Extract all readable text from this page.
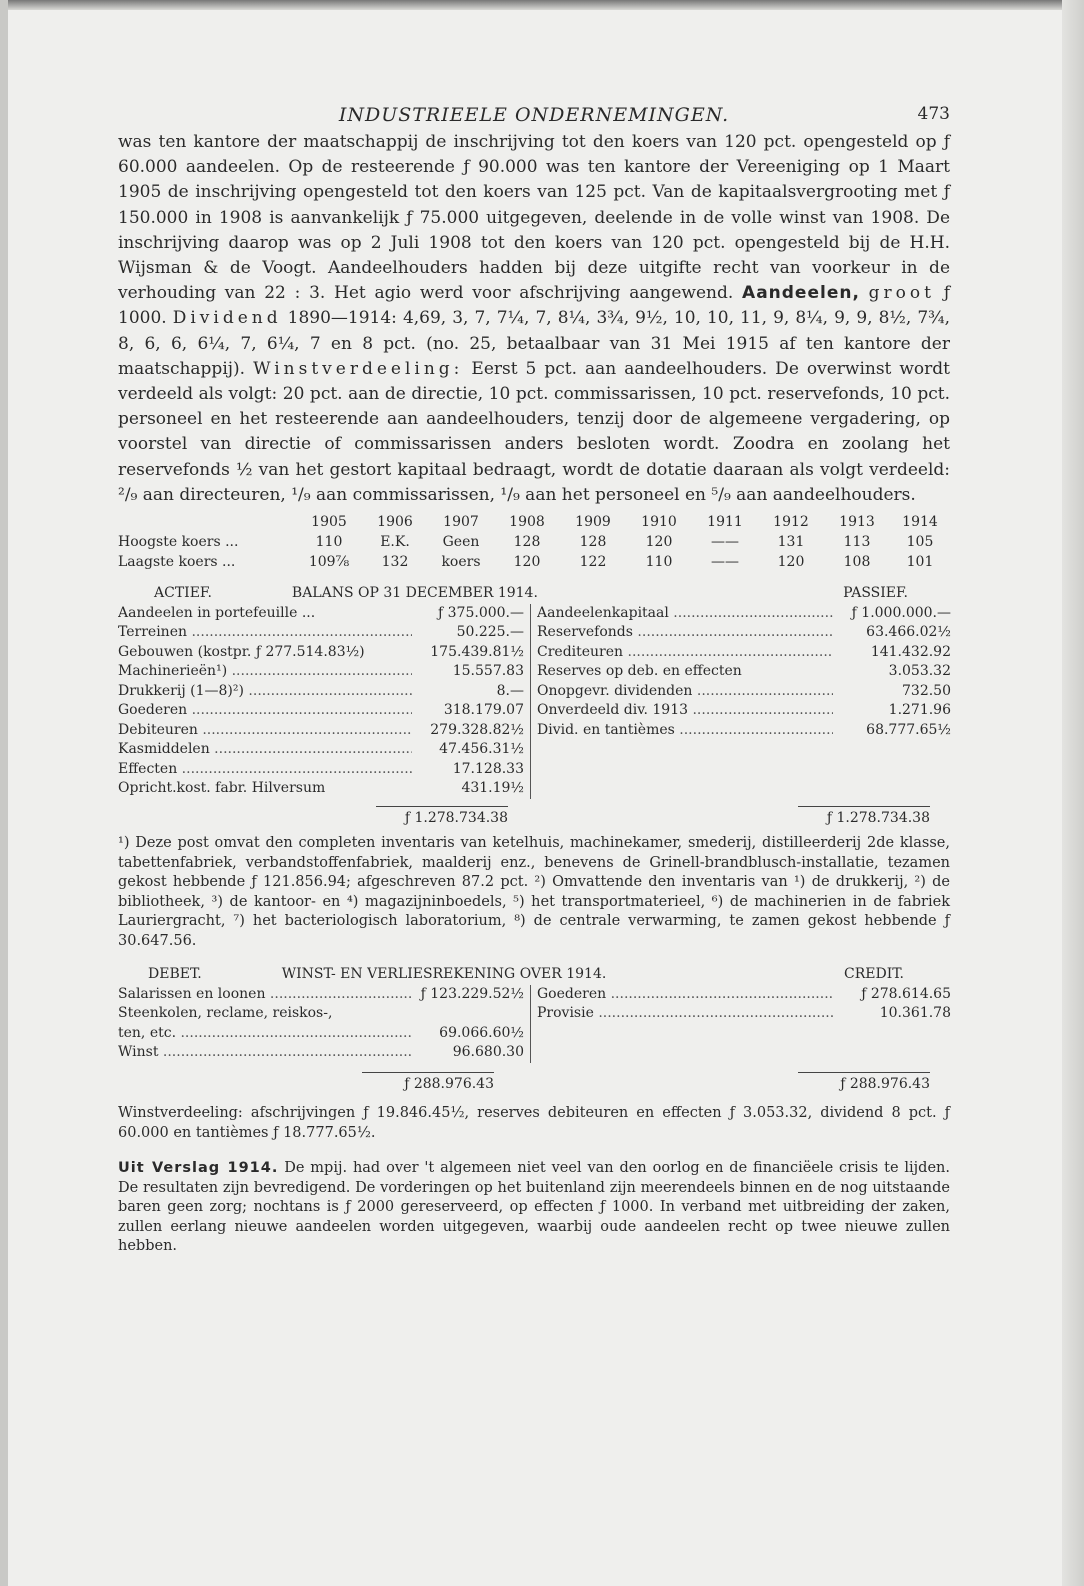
INDUSTRIEELE ONDERNEMINGEN.	473

was ten kantore der maatschappij de inschrijving tot den koers van 120 pct. opengesteld op ƒ 60.000 aandeelen. Op de resteerende ƒ 90.000 was ten kantore der Vereeniging op 1 Maart 1905 de inschrijving opengesteld tot den koers van 125 pct. Van de kapitaalsvergrooting met ƒ 150.000 in 1908 is aanvankelijk ƒ 75.000 uitgegeven, deelende in de volle winst van 1908. De inschrijving daarop was op 2 Juli 1908 tot den koers van 120 pct. opengesteld bij de H.H. Wijsman & de Voogt. Aandeelhouders hadden bij deze uitgifte recht van voorkeur in de verhouding van 22 : 3. Het agio werd voor afschrijving aangewend. Aandeelen, groot ƒ 1000. Dividend 1890—1914: 4,69, 3, 7, 7¼, 7, 8¼, 3¾, 9½, 10, 10, 11, 9, 8¼, 9, 9, 8½, 7¾, 8, 6, 6, 6¼, 7, 6¼, 7 en 8 pct. (no. 25, betaalbaar van 31 Mei 1915 af ten kantore der maatschappij). Winstverdeeling: Eerst 5 pct. aan aandeelhouders. De overwinst wordt verdeeld als volgt: 20 pct. aan de directie, 10 pct. commissarissen, 10 pct. reservefonds, 10 pct. personeel en het resteerende aan aandeelhouders, tenzij door de algemeene vergadering, op voorstel van directie of commissarissen anders besloten wordt. Zoodra en zoolang het reservefonds ½ van het gestort kapitaal bedraagt, wordt de dotatie daaraan als volgt verdeeld: ²/₉ aan directeuren, ¹/₉ aan commissarissen, ¹/₉ aan het personeel en ⁵/₉ aan aandeelhouders.

1905	1906	1907	1908	1909	1910	1911	1912	1913	1914
Hoogste koers ...	110	E.K.	Geen	128	128	120	——	131	113	105
Laagste koers ...	109⅞	132	koers	120	122	110	——	120	108	101
ACTIEF.	BALANS OP 31 DECEMBER 1914.	PASSIEF.
Aandeelen in portefeuille ...	ƒ 375.000.—
Terreinen .....	50.225.—
Gebouwen (kostpr. ƒ 277.514.83½)	175.439.81½
Machinerieën¹) .....	15.557.83
Drukkerij (1—8)²) .....	8.—
Goederen .....	318.179.07
Debiteuren .....	279.328.82½
Kasmiddelen .....	47.456.31½
Effecten .....	17.128.33
Opricht.kost. fabr. Hilversum	431.19½
Aandeelenkapitaal .....	ƒ 1.000.000.—
Reservefonds .....	63.466.02½
Crediteuren .....	141.432.92
Reserves op deb. en effecten	3.053.32
Onopgevr. dividenden .....	732.50
Onverdeeld div. 1913 .....	1.271.96
Divid. en tantièmes .....	68.777.65½
ƒ 1.278.734.38	ƒ 1.278.734.38

¹) Deze post omvat den completen inventaris van ketelhuis, machinekamer, smederij, distilleerderij 2de klasse, tabettenfabriek, verbandstoffenfabriek, maalderij enz., benevens de Grinell-brandblusch-installatie, tezamen gekost hebbende ƒ 121.856.94; afgeschreven 87.2 pct. ²) Omvattende den inventaris van ¹) de drukkerij, ²) de bibliotheek, ³) de kantoor- en ⁴) magazijninboedels, ⁵) het transportmaterieel, ⁶) de machinerien in de fabriek Lauriergracht, ⁷) het bacteriologisch laboratorium, ⁸) de centrale verwarming, te zamen gekost hebbende ƒ 30.647.56.

DEBET.	WINST- EN VERLIESREKENING OVER 1914.	CREDIT.
Salarissen en loonen .....	ƒ 123.229.52½
Steenkolen, reclame, reiskos-,
ten, etc. .....	69.066.60½
Winst .....	96.680.30
Goederen .....	ƒ 278.614.65
Provisie .....	10.361.78
ƒ 288.976.43	ƒ 288.976.43

Winstverdeeling: afschrijvingen ƒ 19.846.45½, reserves debiteuren en effecten ƒ 3.053.32, dividend 8 pct. ƒ 60.000 en tantièmes ƒ 18.777.65½.

Uit Verslag 1914. De mpij. had over 't algemeen niet veel van den oorlog en de financiëele crisis te lijden. De resultaten zijn bevredigend. De vorderingen op het buitenland zijn meerendeels binnen en de nog uitstaande baren geen zorg; nochtans is ƒ 2000 gereserveerd, op effecten ƒ 1000. In verband met uitbreiding der zaken, zullen eerlang nieuwe aandeelen worden uitgegeven, waarbij oude aandeelen recht op twee nieuwe zullen hebben.
